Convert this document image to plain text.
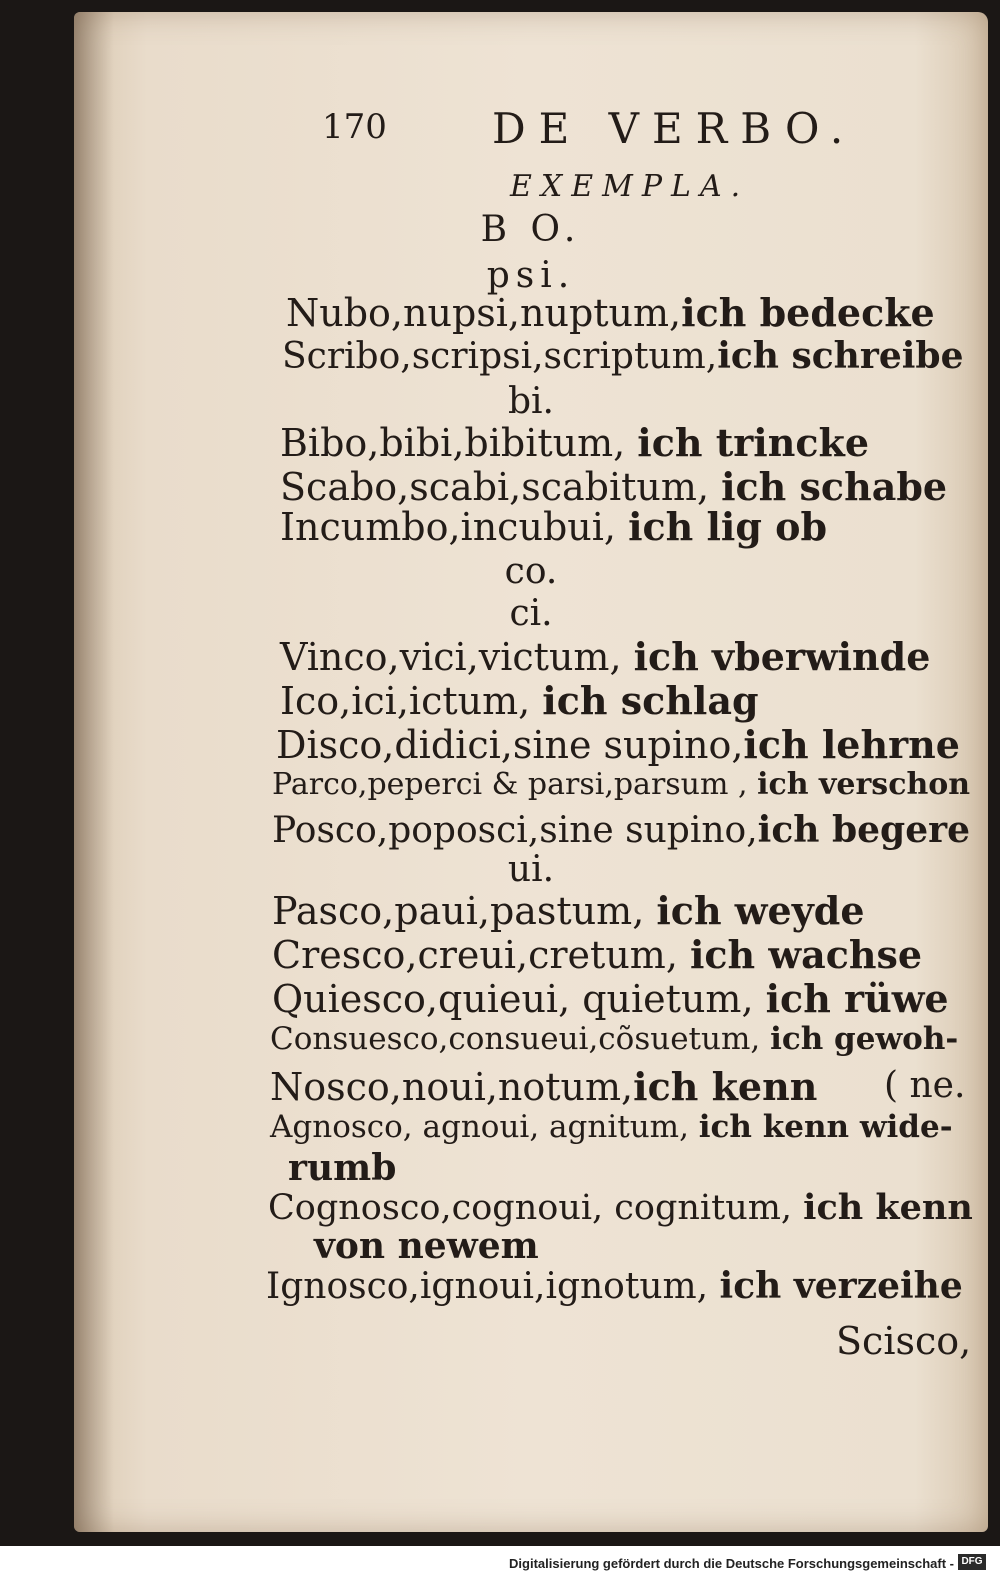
170	DE VERBO.
EXEMPLA.
Scisco,
B O.
psi.
Nubo,nupsi,nuptum,ich bedecke
Scribo,scripsi,scriptum,ich schreibe
bi.
Bibo,bibi,bibitum, ich trincke
Scabo,scabi,scabitum, ich schabe
Incumbo,incubui, ich lig ob
co.
ci.
Vinco,vici,victum, ich vberwinde
Ico,ici,ictum, ich schlag
Disco,didici,sine supino,ich lehrne
Parco,peperci & parsi,parsum , ich verschon
Posco,poposci,sine supino,ich begere
ui.
Pasco,paui,pastum, ich weyde
Cresco,creui,cretum, ich wachse
Quiesco,quieui, quietum, ich rüwe
Consuesco,consueui,cõsuetum, ich gewoh-
Nosco,noui,notum,ich kenn ( ne.
Agnosco, agnoui, agnitum, ich kenn wide-
rumb
Cognosco,cognoui, cognitum, ich kenn
von newem
Ignosco,ignoui,ignotum, ich verzeihe
Digitalisierung gefördert durch die Deutsche Forschungsgemeinschaft - DFG
